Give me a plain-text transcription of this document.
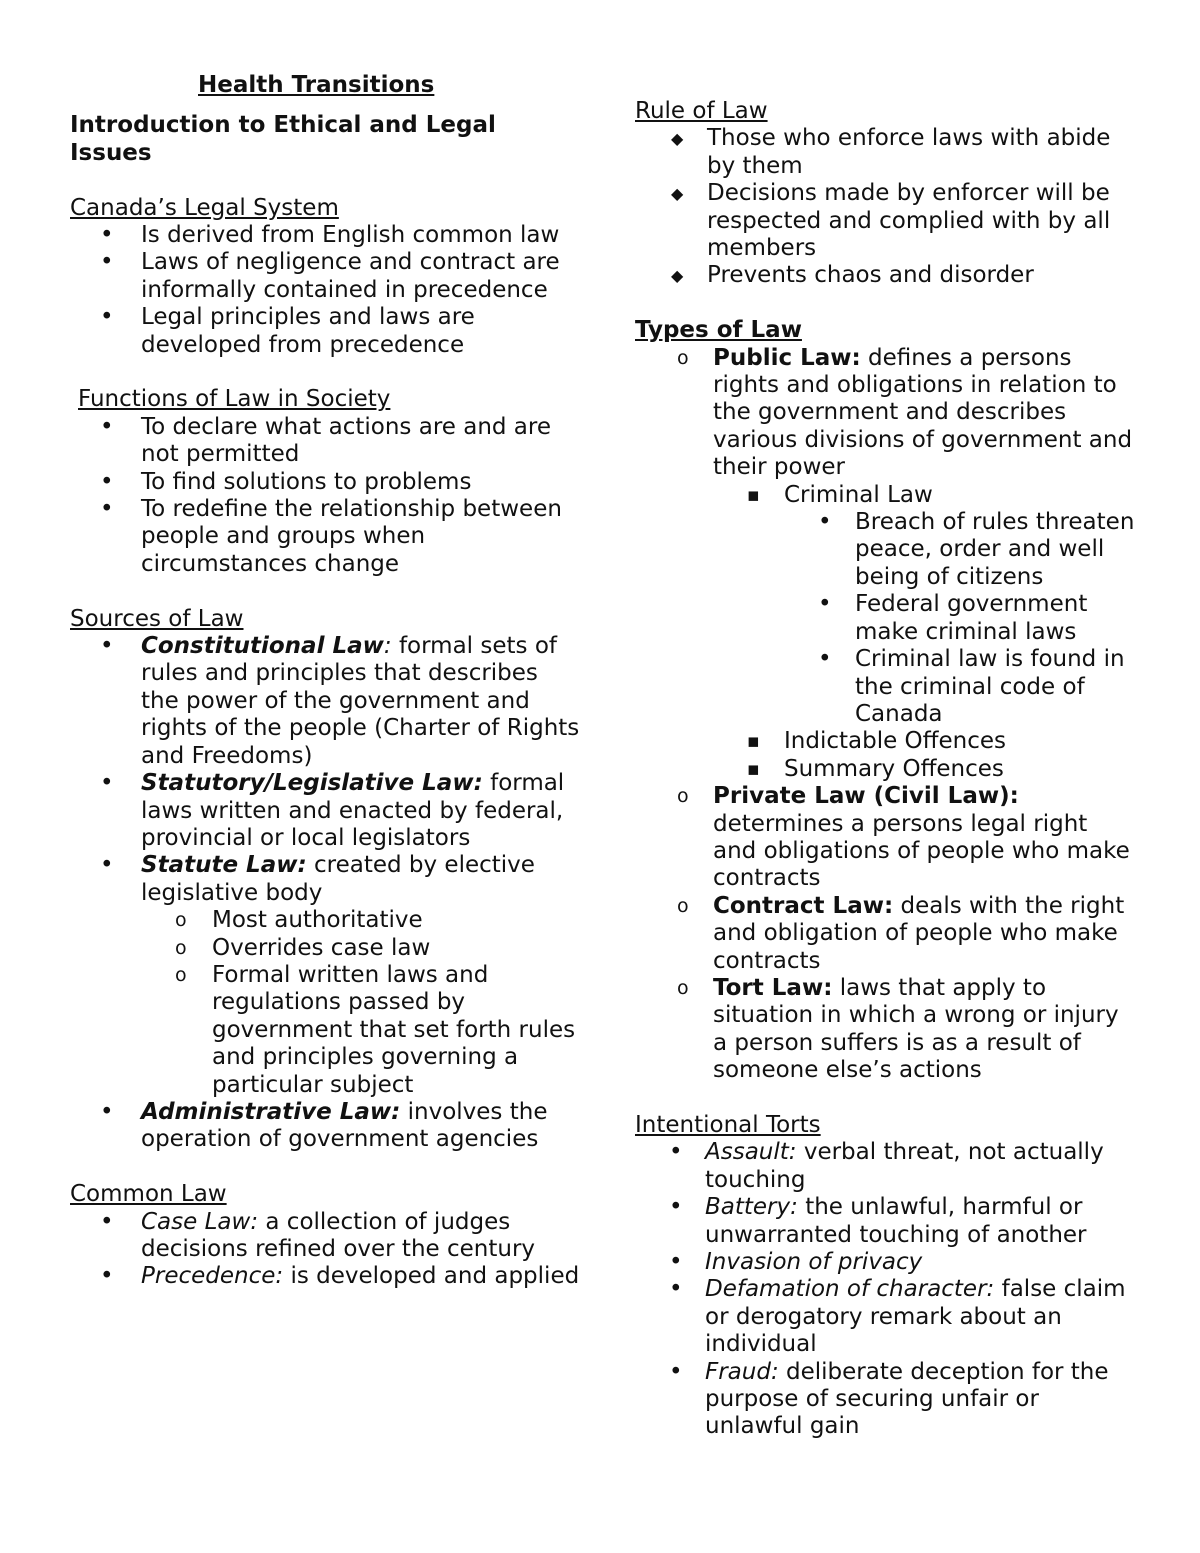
Health Transitions
Introduction to Ethical and Legal Issues
Canada’s Legal System
• Is derived from English common law
• Laws of negligence and contract are informally contained in precedence
• Legal principles and laws are developed from precedence
Functions of Law in Society
• To declare what actions are and are not permitted
• To find solutions to problems
• To redefine the relationship between people and groups when circumstances change
Sources of Law
• Constitutional Law: formal sets of rules and principles that describes the power of the government and rights of the people (Charter of Rights and Freedoms)
• Statutory/Legislative Law: formal laws written and enacted by federal, provincial or local legislators
• Statute Law: created by elective legislative body
o Most authoritative
o Overrides case law
o Formal written laws and regulations passed by government that set forth rules and principles governing a particular subject
• Administrative Law: involves the operation of government agencies
Common Law
• Case Law: a collection of judges decisions refined over the century
• Precedence: is developed and applied
Rule of Law
◆ Those who enforce laws with abide by them
◆ Decisions made by enforcer will be respected and complied with by all members
◆ Prevents chaos and disorder
Types of Law
o Public Law: defines a persons rights and obligations in relation to the government and describes various divisions of government and their power
▪ Criminal Law
• Breach of rules threaten peace, order and well being of citizens
• Federal government make criminal laws
• Criminal law is found in the criminal code of Canada
▪ Indictable Offences
▪ Summary Offences
o Private Law (Civil Law): determines a persons legal right and obligations of people who make contracts
o Contract Law: deals with the right and obligation of people who make contracts
o Tort Law: laws that apply to situation in which a wrong or injury a person suffers is as a result of someone else’s actions
Intentional Torts
• Assault: verbal threat, not actually touching
• Battery: the unlawful, harmful or unwarranted touching of another
• Invasion of privacy
• Defamation of character: false claim or derogatory remark about an individual
• Fraud: deliberate deception for the purpose of securing unfair or unlawful gain
